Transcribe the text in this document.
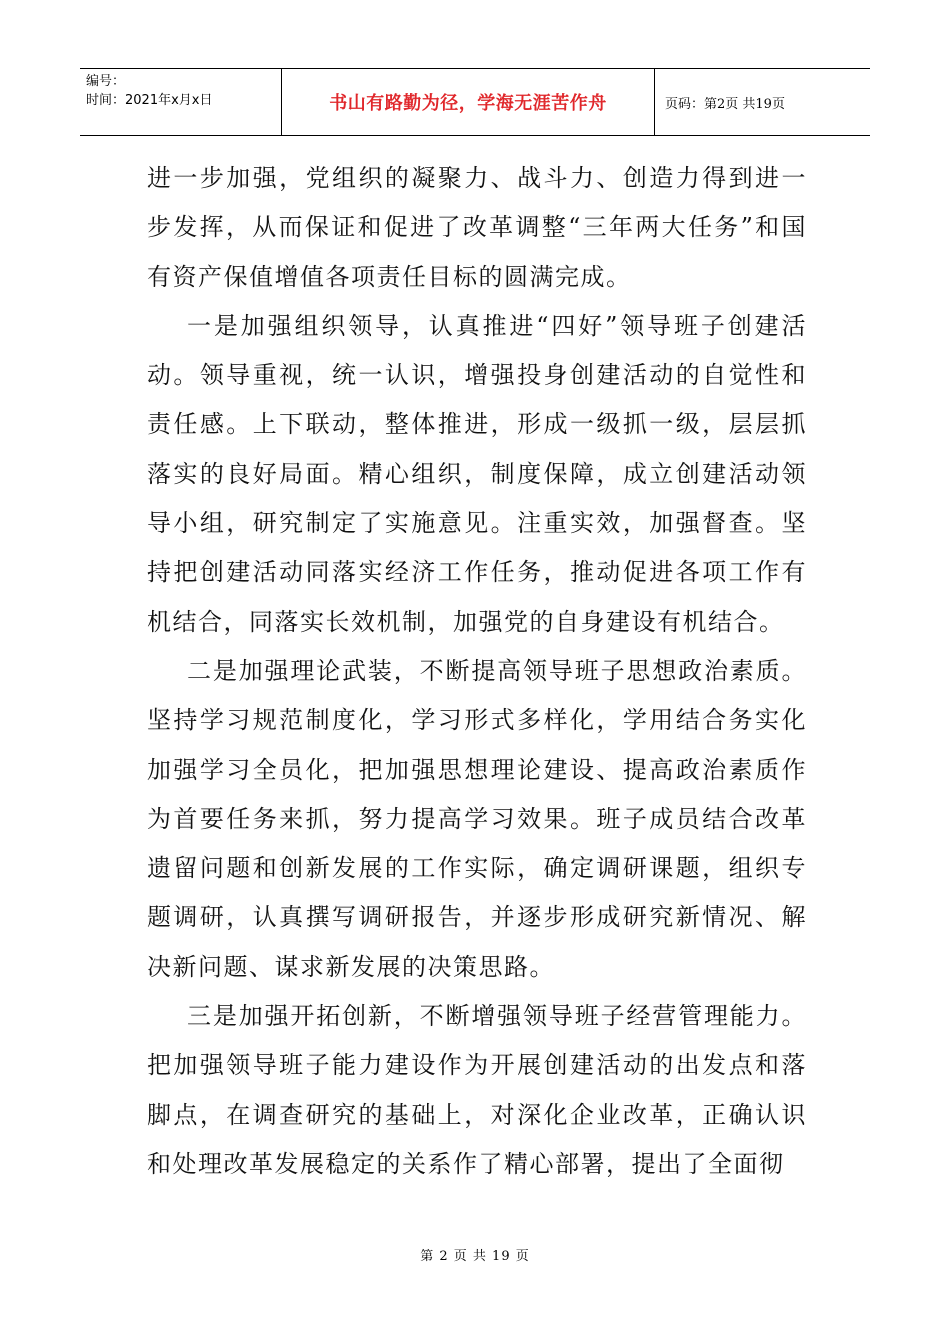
编号：
时间：2021年x月x日	书山有路勤为径，学海无涯苦作舟	页码：第2页 共19页

进一步加强，党组织的凝聚力、战斗力、创造力得到进一步发挥，从而保证和促进了改革调整“三年两大任务”和国有资产保值增值各项责任目标的圆满完成。

一是加强组织领导，认真推进“四好”领导班子创建活动。领导重视，统一认识，增强投身创建活动的自觉性和责任感。上下联动，整体推进，形成一级抓一级，层层抓落实的良好局面。精心组织，制度保障，成立创建活动领导小组，研究制定了实施意见。注重实效，加强督查。坚持把创建活动同落实经济工作任务，推动促进各项工作有机结合，同落实长效机制，加强党的自身建设有机结合。

二是加强理论武装，不断提高领导班子思想政治素质。坚持学习规范制度化，学习形式多样化，学用结合务实化加强学习全员化，把加强思想理论建设、提高政治素质作为首要任务来抓，努力提高学习效果。班子成员结合改革遗留问题和创新发展的工作实际，确定调研课题，组织专题调研，认真撰写调研报告，并逐步形成研究新情况、解决新问题、谋求新发展的决策思路。

三是加强开拓创新，不断增强领导班子经营管理能力。把加强领导班子能力建设作为开展创建活动的出发点和落脚点，在调查研究的基础上，对深化企业改革，正确认识和处理改革发展稳定的关系作了精心部署，提出了全面彻

第 2 页 共 19 页
